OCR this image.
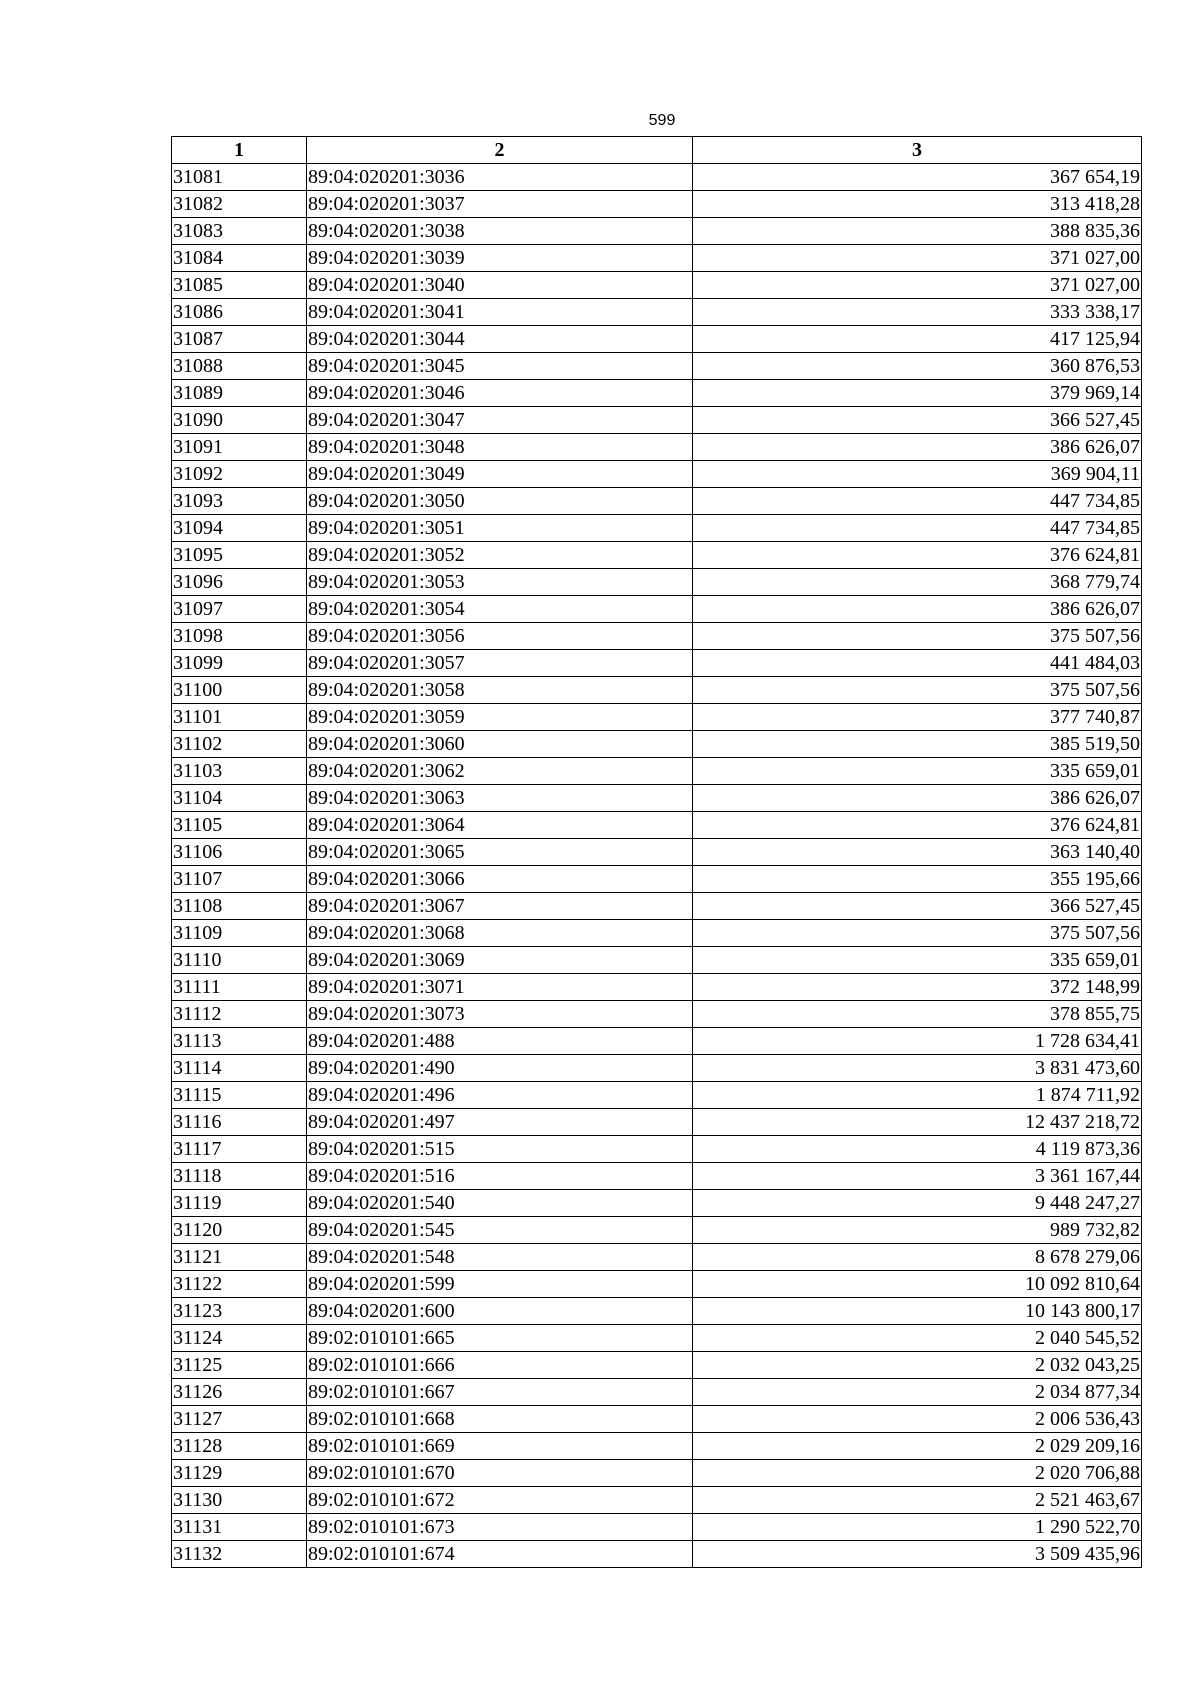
599
1	2	3
31081	89:04:020201:3036	367 654,19
31082	89:04:020201:3037	313 418,28
31083	89:04:020201:3038	388 835,36
31084	89:04:020201:3039	371 027,00
31085	89:04:020201:3040	371 027,00
31086	89:04:020201:3041	333 338,17
31087	89:04:020201:3044	417 125,94
31088	89:04:020201:3045	360 876,53
31089	89:04:020201:3046	379 969,14
31090	89:04:020201:3047	366 527,45
31091	89:04:020201:3048	386 626,07
31092	89:04:020201:3049	369 904,11
31093	89:04:020201:3050	447 734,85
31094	89:04:020201:3051	447 734,85
31095	89:04:020201:3052	376 624,81
31096	89:04:020201:3053	368 779,74
31097	89:04:020201:3054	386 626,07
31098	89:04:020201:3056	375 507,56
31099	89:04:020201:3057	441 484,03
31100	89:04:020201:3058	375 507,56
31101	89:04:020201:3059	377 740,87
31102	89:04:020201:3060	385 519,50
31103	89:04:020201:3062	335 659,01
31104	89:04:020201:3063	386 626,07
31105	89:04:020201:3064	376 624,81
31106	89:04:020201:3065	363 140,40
31107	89:04:020201:3066	355 195,66
31108	89:04:020201:3067	366 527,45
31109	89:04:020201:3068	375 507,56
31110	89:04:020201:3069	335 659,01
31111	89:04:020201:3071	372 148,99
31112	89:04:020201:3073	378 855,75
31113	89:04:020201:488	1 728 634,41
31114	89:04:020201:490	3 831 473,60
31115	89:04:020201:496	1 874 711,92
31116	89:04:020201:497	12 437 218,72
31117	89:04:020201:515	4 119 873,36
31118	89:04:020201:516	3 361 167,44
31119	89:04:020201:540	9 448 247,27
31120	89:04:020201:545	989 732,82
31121	89:04:020201:548	8 678 279,06
31122	89:04:020201:599	10 092 810,64
31123	89:04:020201:600	10 143 800,17
31124	89:02:010101:665	2 040 545,52
31125	89:02:010101:666	2 032 043,25
31126	89:02:010101:667	2 034 877,34
31127	89:02:010101:668	2 006 536,43
31128	89:02:010101:669	2 029 209,16
31129	89:02:010101:670	2 020 706,88
31130	89:02:010101:672	2 521 463,67
31131	89:02:010101:673	1 290 522,70
31132	89:02:010101:674	3 509 435,96
